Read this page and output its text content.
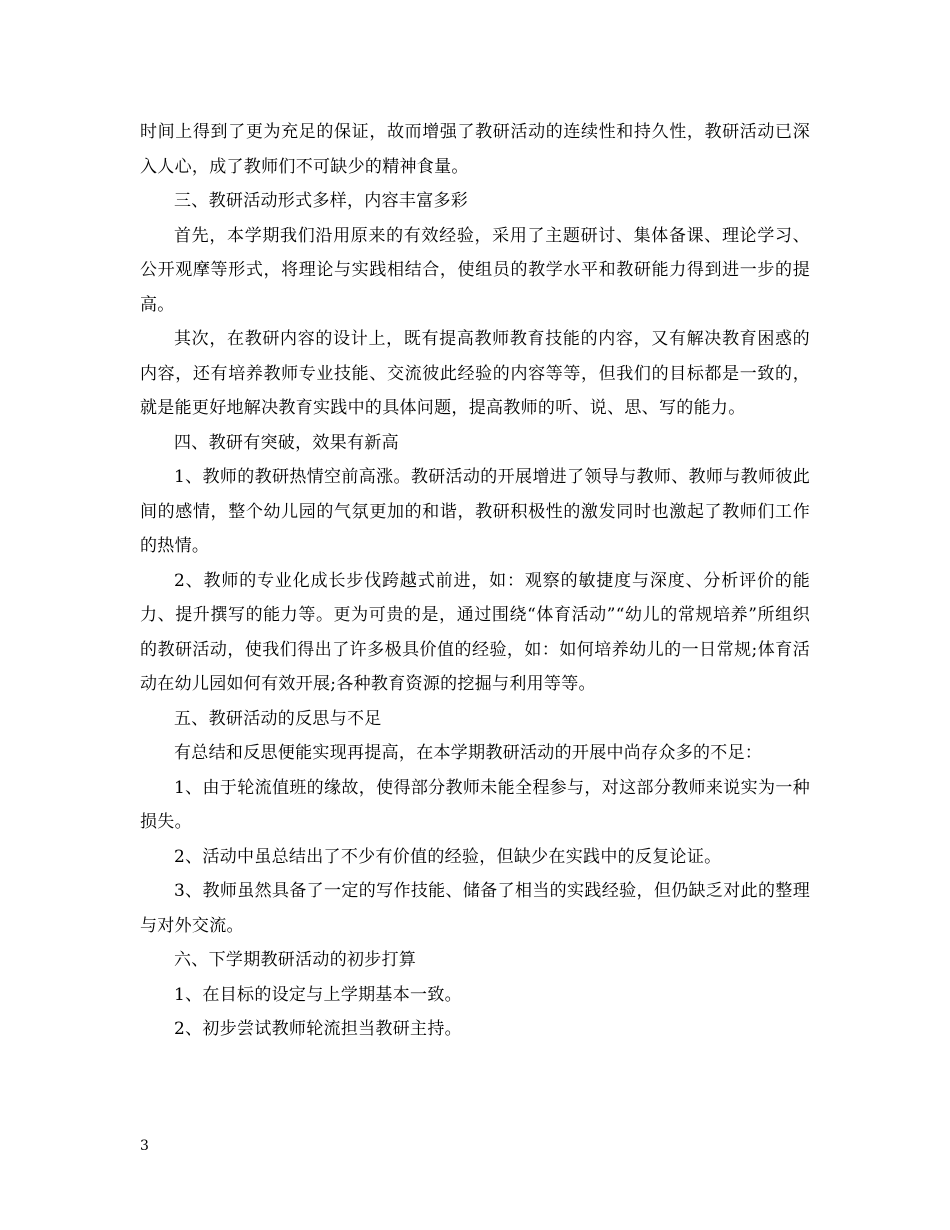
时间上得到了更为充足的保证，故而增强了教研活动的连续性和持久性，教研活动已深入人心，成了教师们不可缺少的精神食量。

三、教研活动形式多样，内容丰富多彩

首先，本学期我们沿用原来的有效经验，采用了主题研讨、集体备课、理论学习、公开观摩等形式，将理论与实践相结合，使组员的教学水平和教研能力得到进一步的提高。

其次，在教研内容的设计上，既有提高教师教育技能的内容，又有解决教育困惑的内容，还有培养教师专业技能、交流彼此经验的内容等等，但我们的目标都是一致的，就是能更好地解决教育实践中的具体问题，提高教师的听、说、思、写的能力。

四、教研有突破，效果有新高

1、教师的教研热情空前高涨。教研活动的开展增进了领导与教师、教师与教师彼此间的感情，整个幼儿园的气氛更加的和谐，教研积极性的激发同时也激起了教师们工作的热情。

2、教师的专业化成长步伐跨越式前进，如：观察的敏捷度与深度、分析评价的能力、提升撰写的能力等。更为可贵的是，通过围绕“体育活动”“幼儿的常规培养”所组织的教研活动，使我们得出了许多极具价值的经验，如：如何培养幼儿的一日常规;体育活动在幼儿园如何有效开展;各种教育资源的挖掘与利用等等。

五、教研活动的反思与不足

有总结和反思便能实现再提高，在本学期教研活动的开展中尚存众多的不足：

1、由于轮流值班的缘故，使得部分教师未能全程参与，对这部分教师来说实为一种损失。

2、活动中虽总结出了不少有价值的经验，但缺少在实践中的反复论证。

3、教师虽然具备了一定的写作技能、储备了相当的实践经验，但仍缺乏对此的整理与对外交流。

六、下学期教研活动的初步打算

1、在目标的设定与上学期基本一致。

2、初步尝试教师轮流担当教研主持。

3
